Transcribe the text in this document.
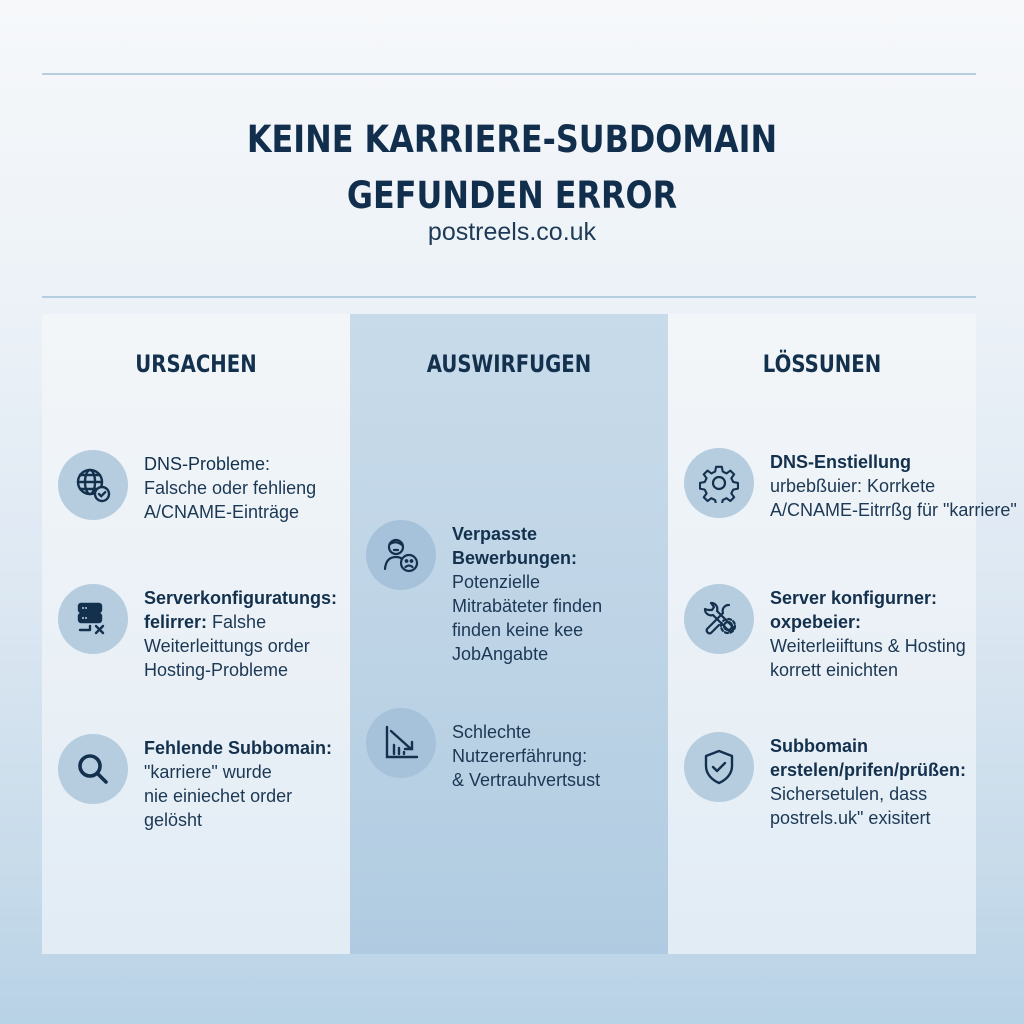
KEINE KARRIERE-SUBDOMAIN
GEFUNDEN ERROR
postreels.co.uk
URSACHEN
DNS-Probleme:
Falsche oder fehlieng
A/CNAME-Einträge
Serverkonfiguratungs:
felirrer: Falshe
Weiterleittungs order
Hosting-Probleme
Fehlende Subbomain:
"karriere" wurde
nie einiechet order
gelösht
AUSWIRFUGEN
Verpasste Bewerbungen:
Potenzielle
Mitrabäteter finden
finden keine kee
JobAngabte
Schlechte Nutzererfährung:
& Vertrauhvertsust
LÖSSUNEN
DNS-Enstiellung
urbebßuier: Korrkete
A/CNAME-Eitrrßg für "karriere"
Server konfigurner:
oxpebeier:
Weiterleiiftuns & Hosting
korrett einichten
Subbomain
erstelen/prifen/prüßen:
Sichersetulen, dass
postrels.uk" exisitert
